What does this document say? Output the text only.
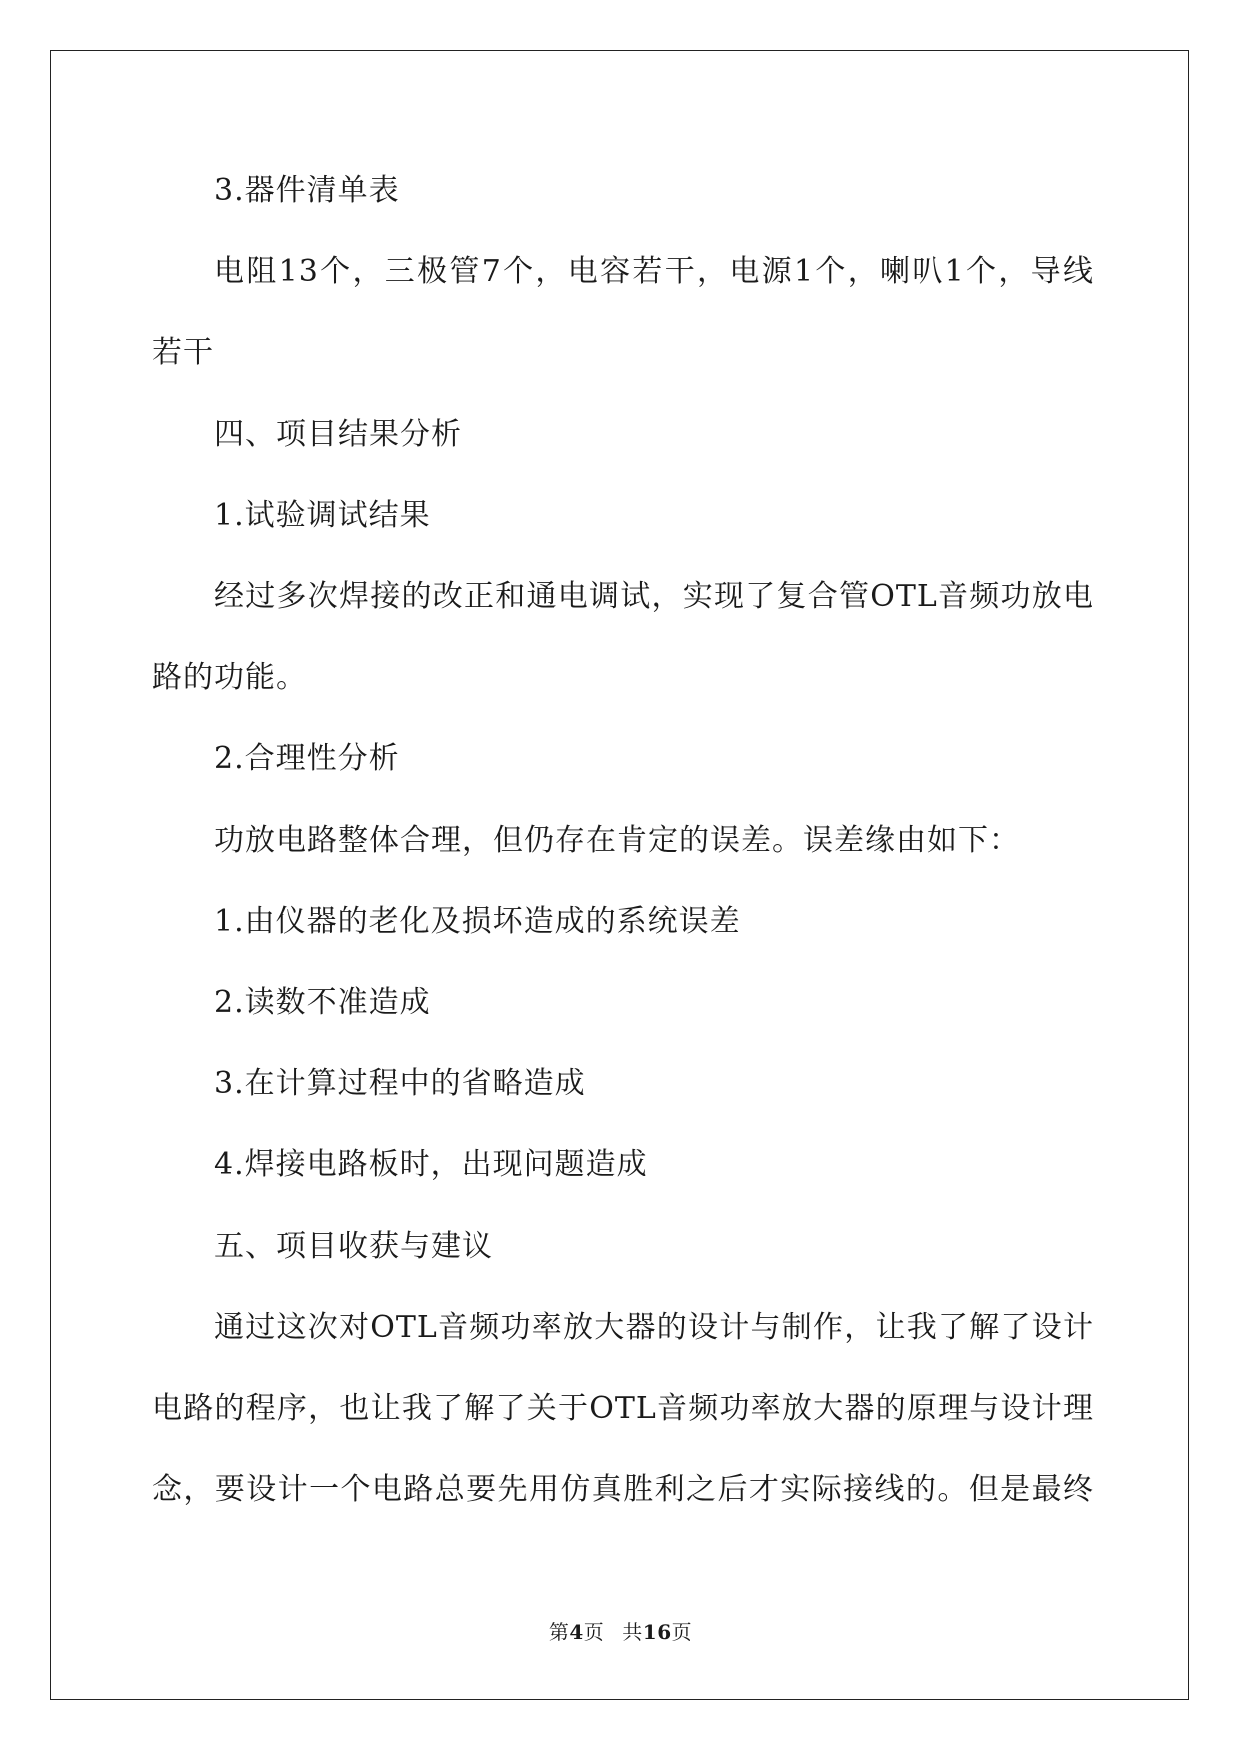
3.器件清单表
电阻13个，三极管7个，电容若干，电源1个，喇叭1个，导线
若干
四、项目结果分析
1.试验调试结果
经过多次焊接的改正和通电调试，实现了复合管OTL音频功放电
路的功能。
2.合理性分析
功放电路整体合理，但仍存在肯定的误差。误差缘由如下：
1.由仪器的老化及损坏造成的系统误差
2.读数不准造成
3.在计算过程中的省略造成
4.焊接电路板时，出现问题造成
五、项目收获与建议
通过这次对OTL音频功率放大器的设计与制作，让我了解了设计
电路的程序，也让我了解了关于OTL音频功率放大器的原理与设计理
念，要设计一个电路总要先用仿真胜利之后才实际接线的。但是最终
第4页 共16页
